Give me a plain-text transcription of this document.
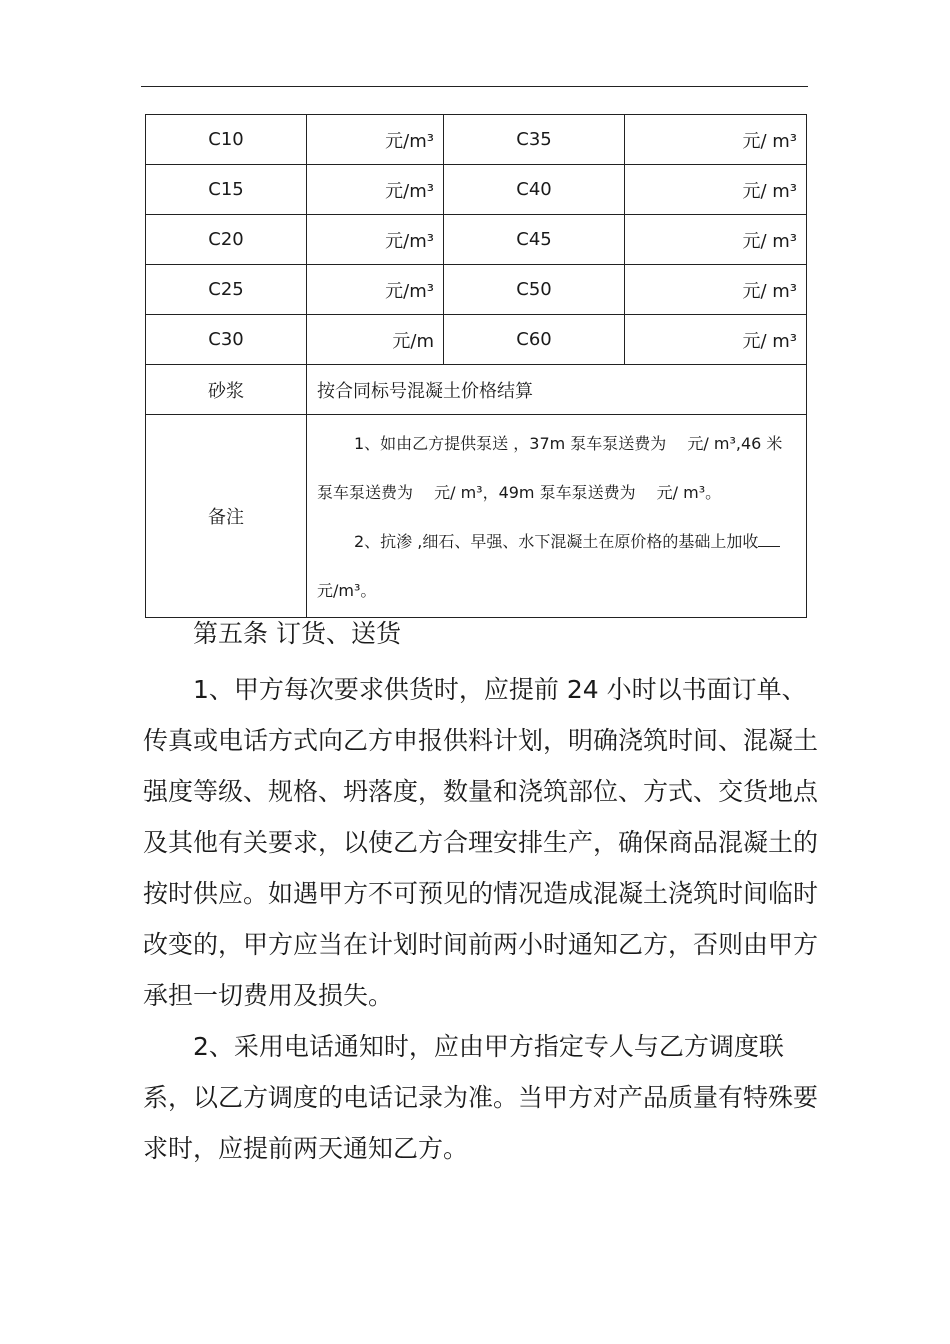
C10	元/m³	C35	元/ m³
C15	元/m³	C40	元/ m³
C20	元/m³	C45	元/ m³
C25	元/m³	C50	元/ m³
C30	元/m	C60	元/ m³
砂浆	按合同标号混凝土价格结算		
备注	1、如由乙方提供泵送 ，37m 泵车泵送费为　 元/ m³,46 米泵车泵送费为　 元/ m³，49m 泵车泵送费为　 元/ m³。
2、抗渗 ,细石、早强、水下混凝土在原价格的基础上加收元/m³。		
第五条 订货、送货

1、甲方每次要求供货时，应提前 24 小时以书面订单、传真或电话方式向乙方申报供料计划，明确浇筑时间、混凝土强度等级、规格、坍落度，数量和浇筑部位、方式、交货地点及其他有关要求，以使乙方合理安排生产，确保商品混凝土的按时供应。如遇甲方不可预见的情况造成混凝土浇筑时间临时改变的，甲方应当在计划时间前两小时通知乙方，否则由甲方承担一切费用及损失。

2、采用电话通知时，应由甲方指定专人与乙方调度联系，以乙方调度的电话记录为准。当甲方对产品质量有特殊要求时，应提前两天通知乙方。
